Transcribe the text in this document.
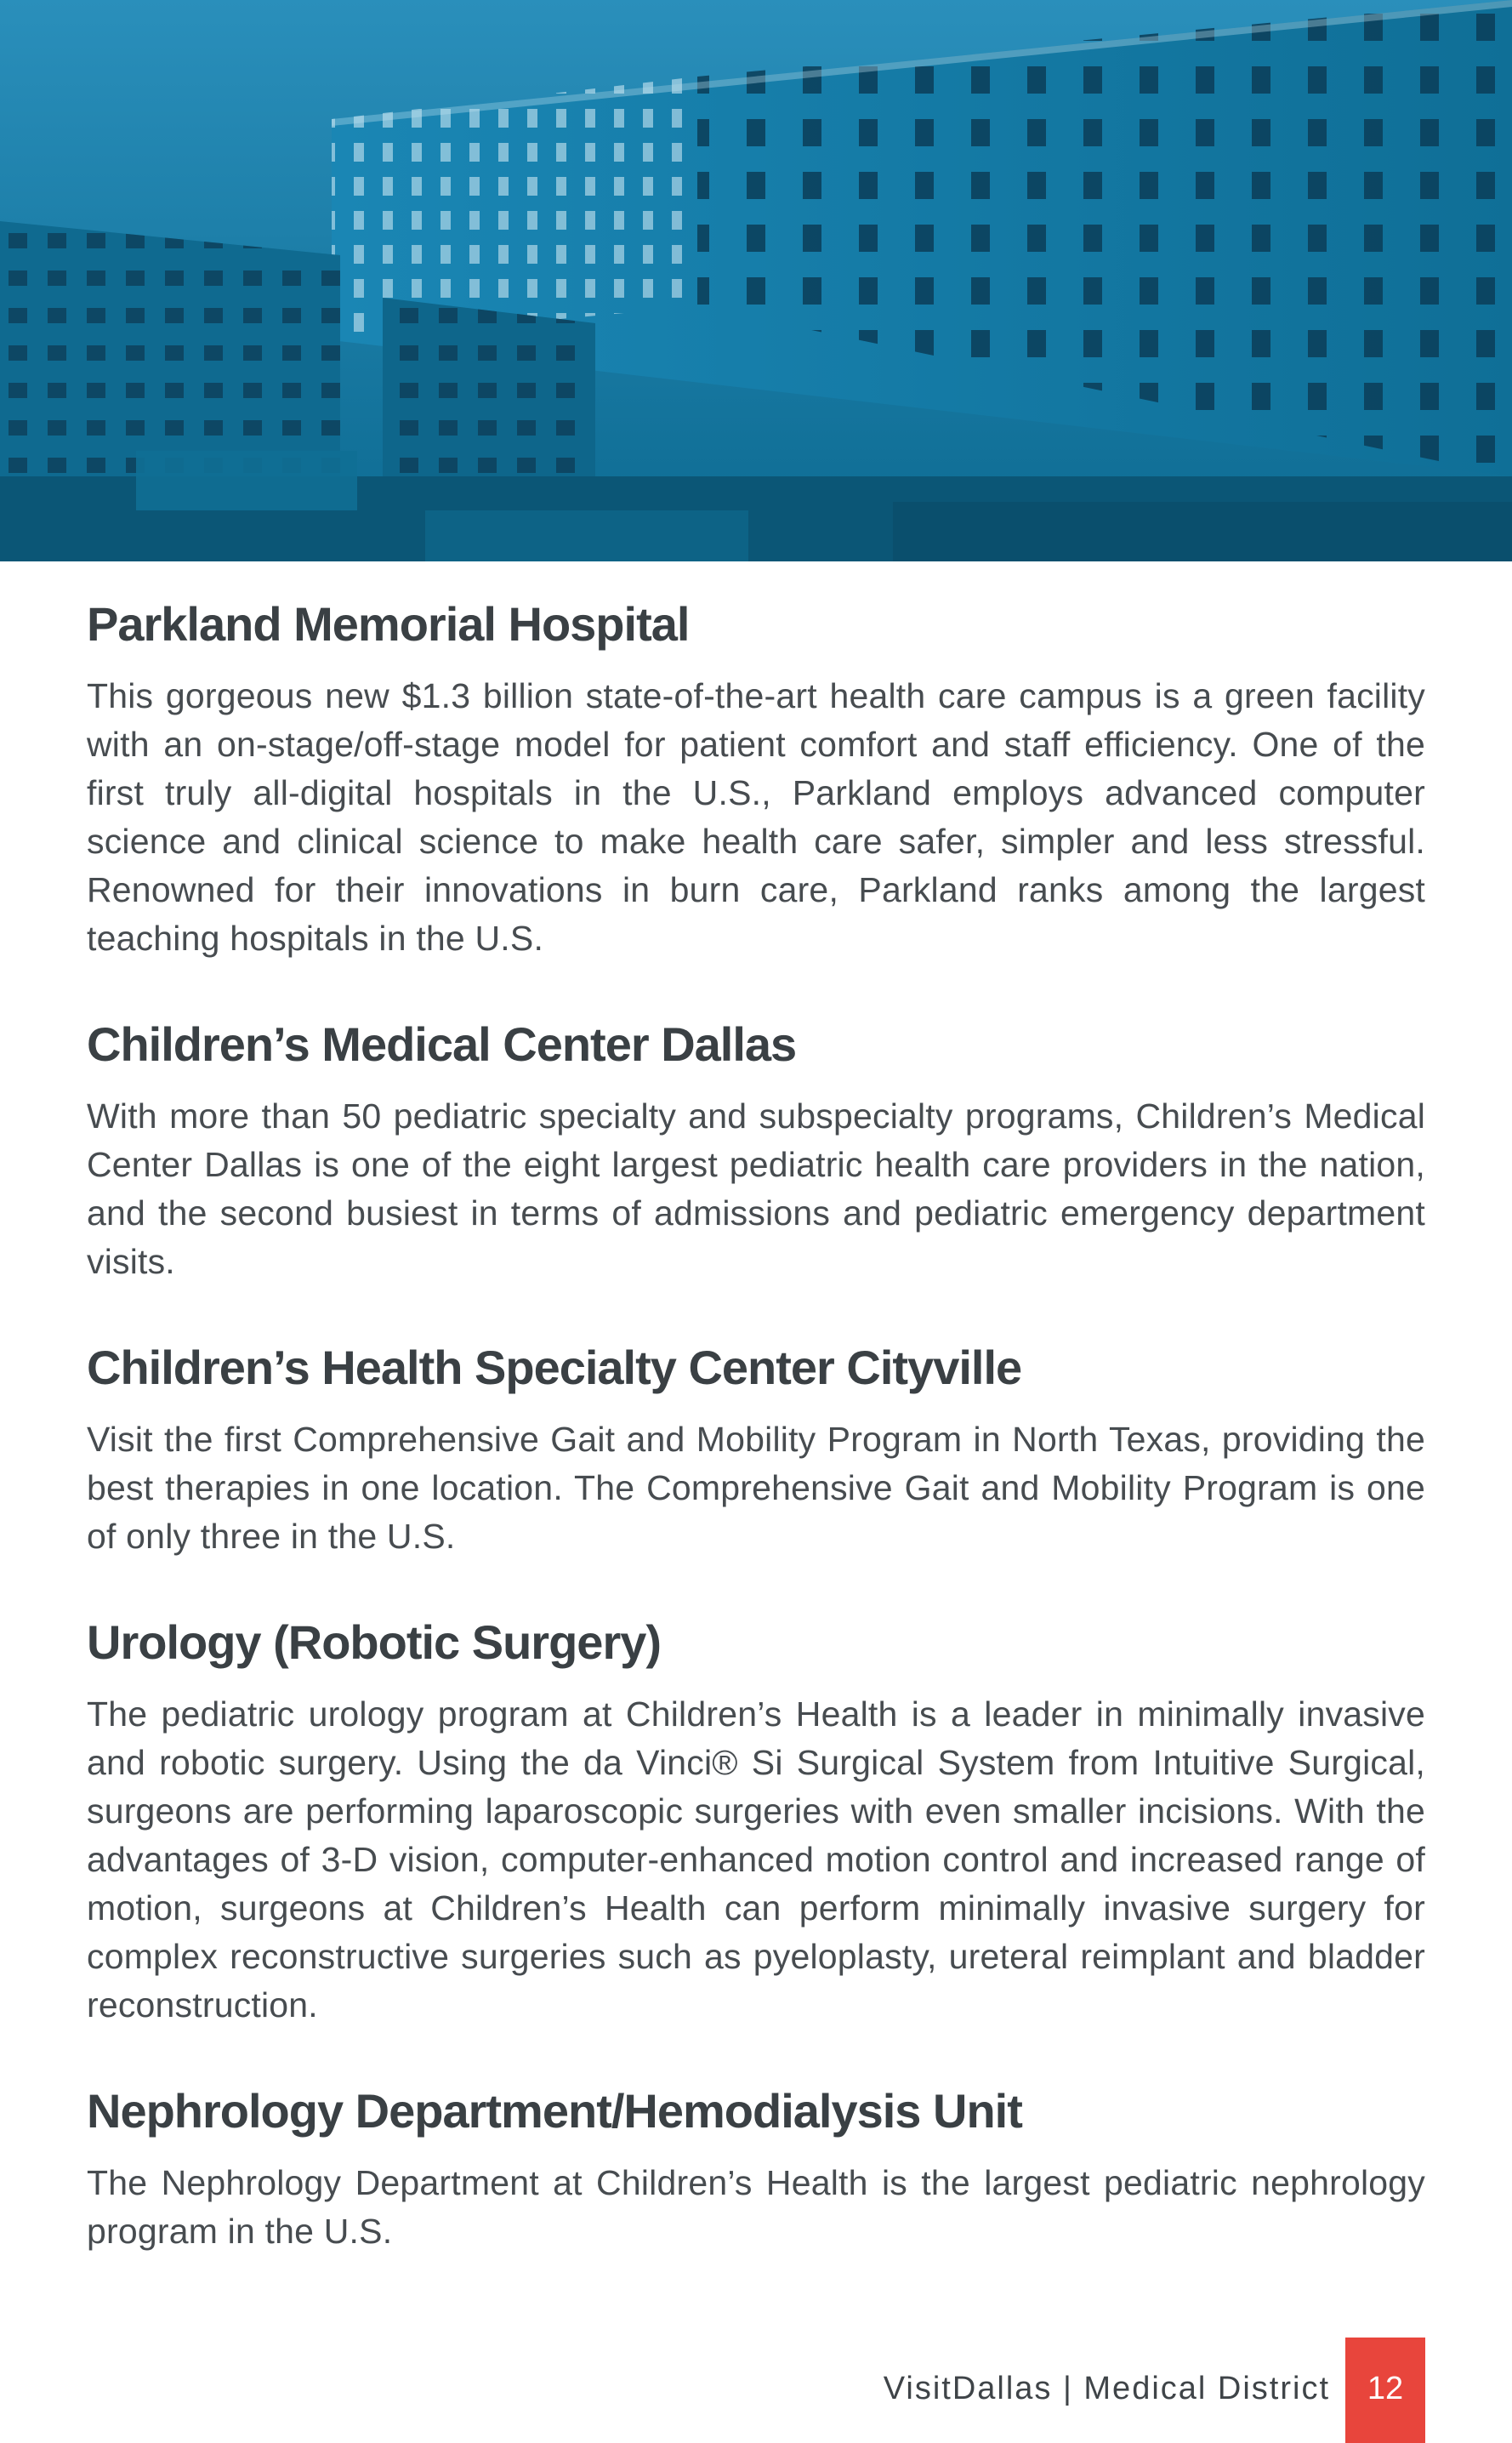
Parkland Memorial Hospital

This gorgeous new $1.3 billion state-of-the-art health care campus is a green facility with an on-stage/off-stage model for patient comfort and staff efficiency. One of the first truly all-digital hospitals in the U.S., Parkland employs advanced computer science and clinical science to make health care safer, simpler and less stressful. Renowned for their innovations in burn care, Parkland ranks among the largest teaching hospitals in the U.S.

Children’s Medical Center Dallas

With more than 50 pediatric specialty and subspecialty programs, Children’s Medical Center Dallas is one of the eight largest pediatric health care providers in the nation, and the second busiest in terms of admissions and pediatric emergency department visits.

Children’s Health Specialty Center Cityville

Visit the first Comprehensive Gait and Mobility Program in North Texas, providing the best therapies in one location. The Comprehensive Gait and Mobility Program is one of only three in the U.S.

Urology (Robotic Surgery)

The pediatric urology program at Children’s Health is a leader in minimally invasive and robotic surgery. Using the da Vinci® Si Surgical System from Intuitive Surgical, surgeons are performing laparoscopic surgeries with even smaller incisions. With the advantages of 3-D vision, computer-enhanced motion control and increased range of motion, surgeons at Children’s Health can perform minimally invasive surgery for complex reconstructive surgeries such as pyeloplasty, ureteral reimplant and bladder reconstruction.

Nephrology Department/Hemodialysis Unit

The Nephrology Department at Children’s Health is the largest pediatric nephrology program in the U.S.

VisitDallas | Medical District	12
